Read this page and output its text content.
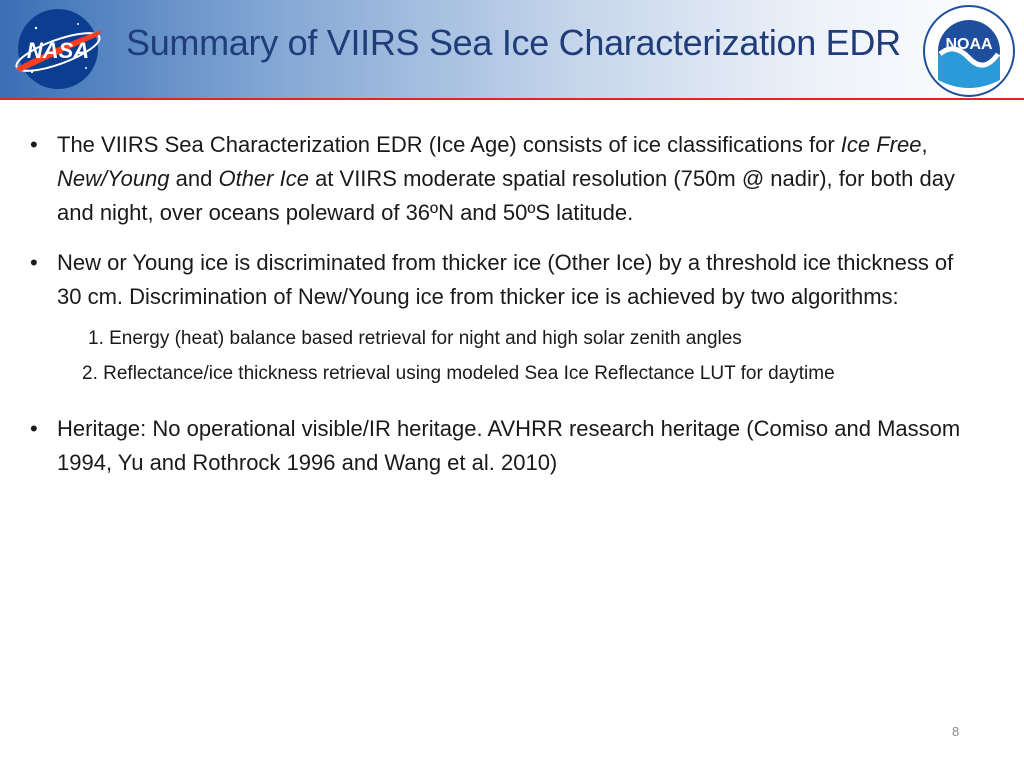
NASA Summary of VIIRS Sea Ice Characterization EDR	NOAA
• The VIIRS Sea Characterization EDR (Ice Age) consists of ice classifications for Ice Free, New/Young and Other Ice at VIIRS moderate spatial resolution (750m @ nadir), for both day and night, over oceans poleward of 36ºN and 50ºS latitude.
• New or Young ice is discriminated from thicker ice (Other Ice) by a threshold ice thickness of 30 cm. Discrimination of New/Young ice from thicker ice is achieved by two algorithms:
1. Energy (heat) balance based retrieval for night and high solar zenith angles
2. Reflectance/ice thickness retrieval using modeled Sea Ice Reflectance LUT for daytime
• Heritage: No operational visible/IR heritage. AVHRR research heritage (Comiso and Massom 1994, Yu and Rothrock 1996 and Wang et al. 2010)
8
